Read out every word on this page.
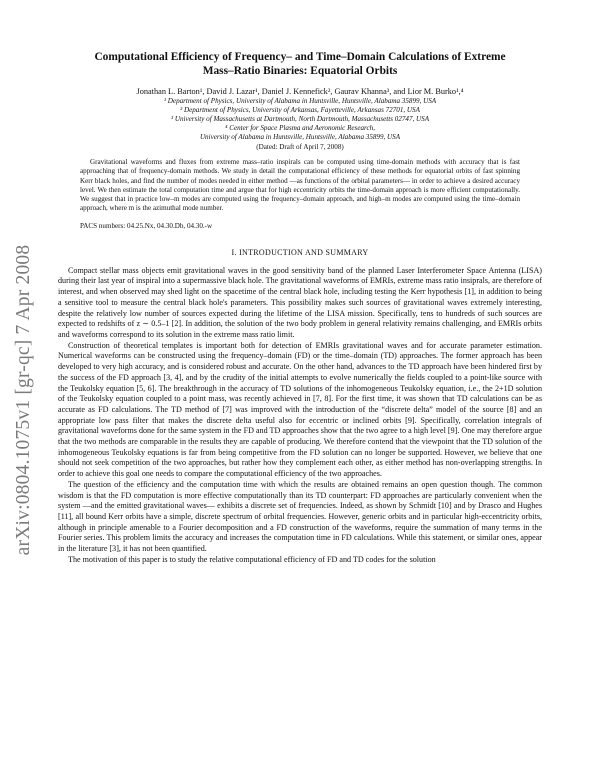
arXiv:0804.1075v1 [gr-qc] 7 Apr 2008
Computational Efficiency of Frequency– and Time–Domain Calculations of Extreme
Mass–Ratio Binaries: Equatorial Orbits
Jonathan L. Barton¹, David J. Lazar¹, Daniel J. Kennefick², Gaurav Khanna³, and Lior M. Burko¹,⁴
¹ Department of Physics, University of Alabama in Huntsville, Huntsville, Alabama 35899, USA
² Department of Physics, University of Arkansas, Fayetteville, Arkansas 72701, USA
³ University of Massachusetts at Dartmouth, North Dartmouth, Massachusetts 02747, USA
⁴ Center for Space Plasma and Aeronomic Research,
University of Alabama in Huntsville, Huntsville, Alabama 35899, USA
(Dated: Draft of April 7, 2008)

Gravitational waveforms and fluxes from extreme mass–ratio inspirals can be computed using time-domain methods with accuracy that is fast approaching that of frequency-domain methods. We study in detail the computational efficiency of these methods for equatorial orbits of fast spinning Kerr black holes, and find the number of modes needed in either method —as functions of the orbital parameters— in order to achieve a desired accuracy level. We then estimate the total computation time and argue that for high eccentricity orbits the time-domain approach is more efficient computationally. We suggest that in practice low–m modes are computed using the frequency–domain approach, and high–m modes are computed using the time–domain approach, where m is the azimuthal mode number.

PACS numbers: 04.25.Nx, 04.30.Db, 04.30.-w
I. INTRODUCTION AND SUMMARY

Compact stellar mass objects emit gravitational waves in the good sensitivity band of the planned Laser Interferometer Space Antenna (LISA) during their last year of inspiral into a supermassive black hole. The gravitational waveforms of EMRIs, extreme mass ratio insiprals, are therefore of interest, and when observed may shed light on the spacetime of the central black hole, including testing the Kerr hypothesis [1], in addition to being a sensitive tool to measure the central black hole's parameters. This possibility makes such sources of gravitational waves extremely interesting, despite the relatively low number of sources expected during the lifetime of the LISA mission. Specifically, tens to hundreds of such sources are expected to redshifts of z ∼ 0.5–1 [2]. In addition, the solution of the two body problem in general relativity remains challenging, and EMRIs orbits and waveforms correspond to its solution in the extreme mass ratio limit.

Construction of theoretical templates is important both for detection of EMRIs gravitational waves and for accurate parameter estimation. Numerical waveforms can be constructed using the frequency–domain (FD) or the time–domain (TD) approaches. The former approach has been developed to very high accuracy, and is considered robust and accurate. On the other hand, advances to the TD approach have been hindered first by the success of the FD approach [3, 4], and by the crudity of the initial attempts to evolve numerically the fields coupled to a point-like source with the Teukolsky equation [5, 6]. The breakthrough in the accuracy of TD solutions of the inhomogeneous Teukolsky equation, i.e., the 2+1D solution of the Teukolsky equation coupled to a point mass, was recently achieved in [7, 8]. For the first time, it was shown that TD calculations can be as accurate as FD calculations. The TD method of [7] was improved with the introduction of the “discrete delta” model of the source [8] and an appropriate low pass filter that makes the discrete delta useful also for eccentric or inclined orbits [9]. Specifically, correlation integrals of gravitational waveforms done for the same system in the FD and TD approaches show that the two agree to a high level [9]. One may therefore argue that the two methods are comparable in the results they are capable of producing. We therefore contend that the viewpoint that the TD solution of the inhomogeneous Teukolsky equations is far from being competitive from the FD solution can no longer be supported. However, we believe that one should not seek competition of the two approaches, but rather how they complement each other, as either method has non-overlapping strengths. In order to achieve this goal one needs to compare the computational efficiency of the two approaches.

The question of the efficiency and the computation time with which the results are obtained remains an open question though. The common wisdom is that the FD computation is more effective computationally than its TD counterpart: FD approaches are particularly convenient when the system —and the emitted gravitational waves— exhibits a discrete set of frequencies. Indeed, as shown by Schmidt [10] and by Drasco and Hughes [11], all bound Kerr orbits have a simple, discrete spectrum of orbital frequencies. However, generic orbits and in particular high-eccentricity orbits, although in principle amenable to a Fourier decomposition and a FD construction of the waveforms, require the summation of many terms in the Fourier series. This problem limits the accuracy and increases the computation time in FD calculations. While this statement, or similar ones, appear in the literature [3], it has not been quantified.

The motivation of this paper is to study the relative computational efficiency of FD and TD codes for the solution
